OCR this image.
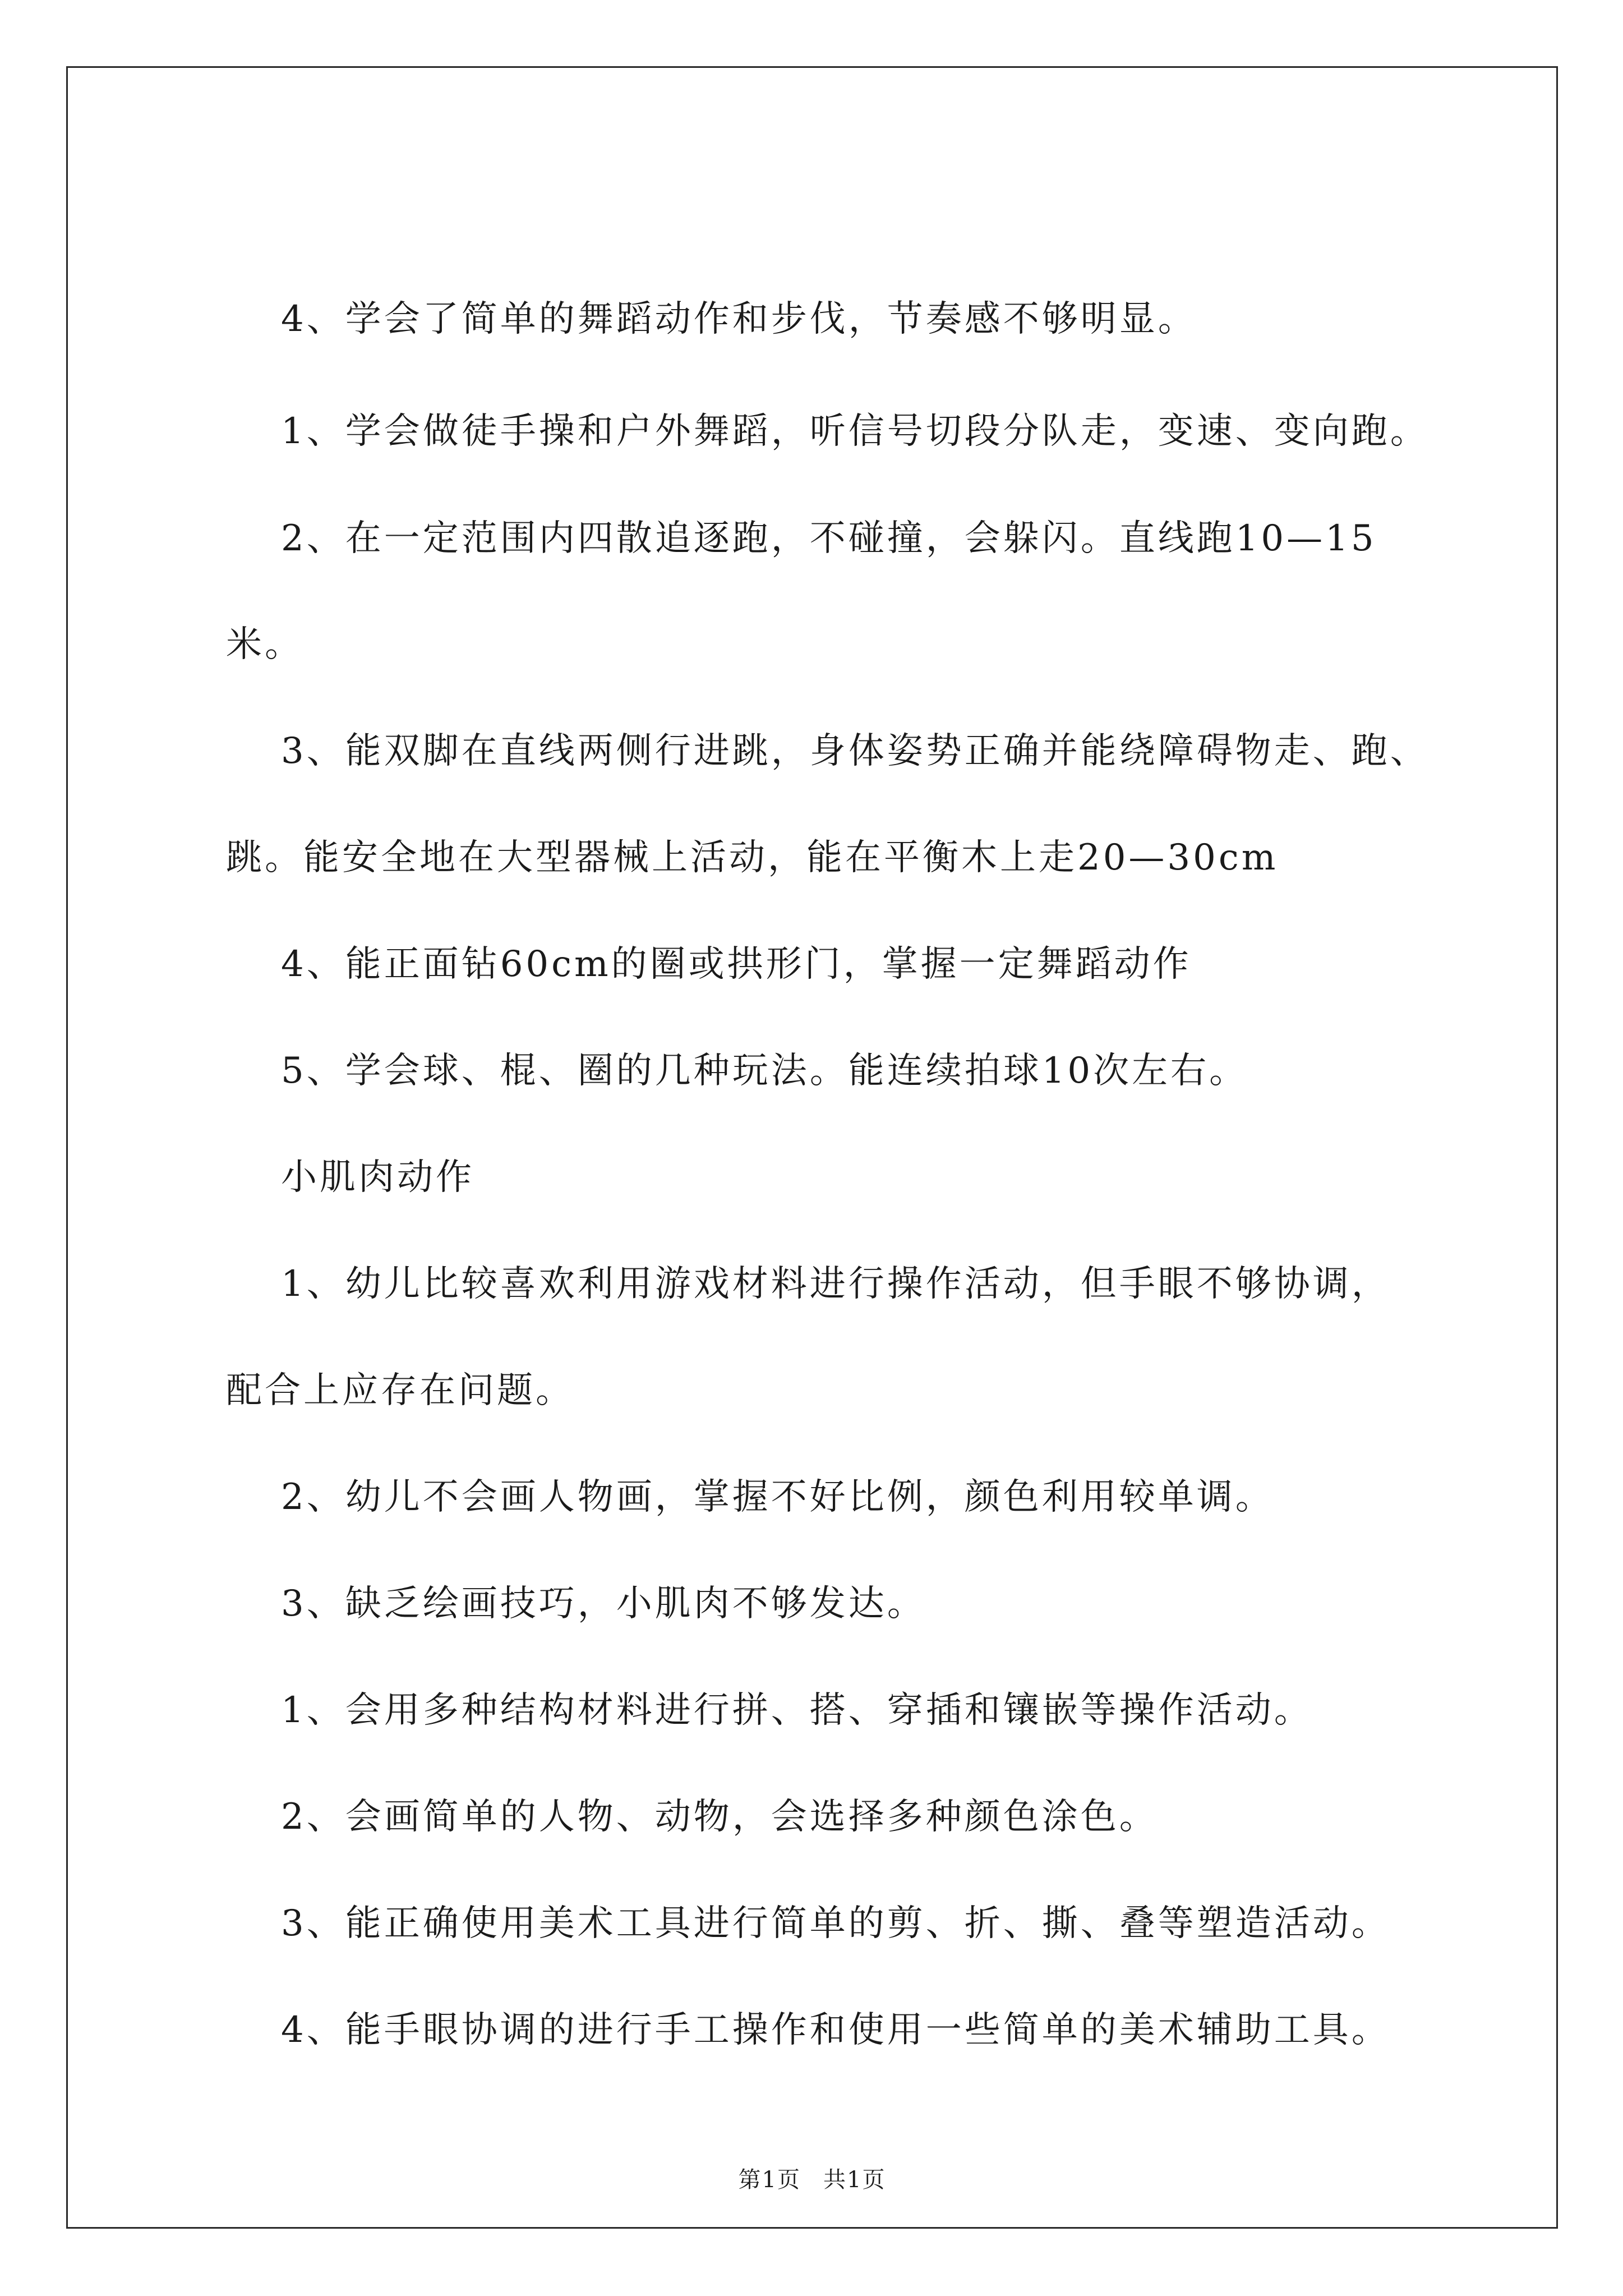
4、学会了简单的舞蹈动作和步伐，节奏感不够明显。
1、学会做徒手操和户外舞蹈，听信号切段分队走，变速、变向跑。
2、在一定范围内四散追逐跑，不碰撞，会躲闪。直线跑10—15
米。
3、能双脚在直线两侧行进跳，身体姿势正确并能绕障碍物走、跑、
跳。能安全地在大型器械上活动，能在平衡木上走20—30cm
4、能正面钻60cm的圈或拱形门，掌握一定舞蹈动作
5、学会球、棍、圈的几种玩法。能连续拍球10次左右。
小肌肉动作
1、幼儿比较喜欢利用游戏材料进行操作活动，但手眼不够协调，
配合上应存在问题。
2、幼儿不会画人物画，掌握不好比例，颜色利用较单调。
3、缺乏绘画技巧，小肌肉不够发达。
1、会用多种结构材料进行拼、搭、穿插和镶嵌等操作活动。
2、会画简单的人物、动物，会选择多种颜色涂色。
3、能正确使用美术工具进行简单的剪、折、撕、叠等塑造活动。
4、能手眼协调的进行手工操作和使用一些简单的美术辅助工具。
第1页 共1页
